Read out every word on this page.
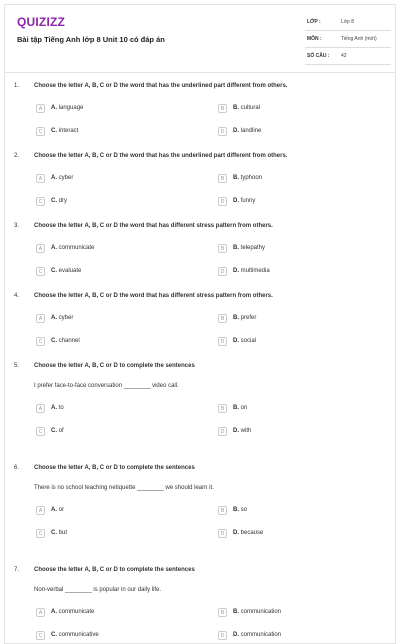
QUIZIZZ
Bài tập Tiếng Anh lớp 8 Unit 10 có đáp án
LỚP :	Lớp 8
MÔN :	Tiếng Anh (mới)
SỐ CÂU : 42
1. Choose the letter A, B, C or D the word that has the underlined part different from others.
A	A. language	B	B. cultural
C	C. interact	D	D. landline
2. Choose the letter A, B, C or D the word that has the underlined part different from others.
A	A. cyber	B	B. typhoon
C	C. dry	D	D. funny
3. Choose the letter A, B, C or D the word that has different stress pattern from others.
A	A. communicate	B	B. telepathy
C	C. evaluate	D	D. multimedia
4. Choose the letter A, B, C or D the word that has different stress pattern from others.
A	A. cyber	B	B. prefer
C	C. channel	D	D. social
5. Choose the letter A, B, C or D to complete the sentences
I prefer face-to-face conversation ________ video call.
A	A. to	B	B. on
C	C. of	D	D. with
6. Choose the letter A, B, C or D to complete the sentences
There is no school teaching netiquette ________ we should learn it.
A	A. or	B	B. so
C	C. but	D	D. because
7. Choose the letter A, B, C or D to complete the sentences
Non-verbal ________ is popular in our daily life.
A	A. communicate	B	B. communication
C	C. communicative	D	D. communication
